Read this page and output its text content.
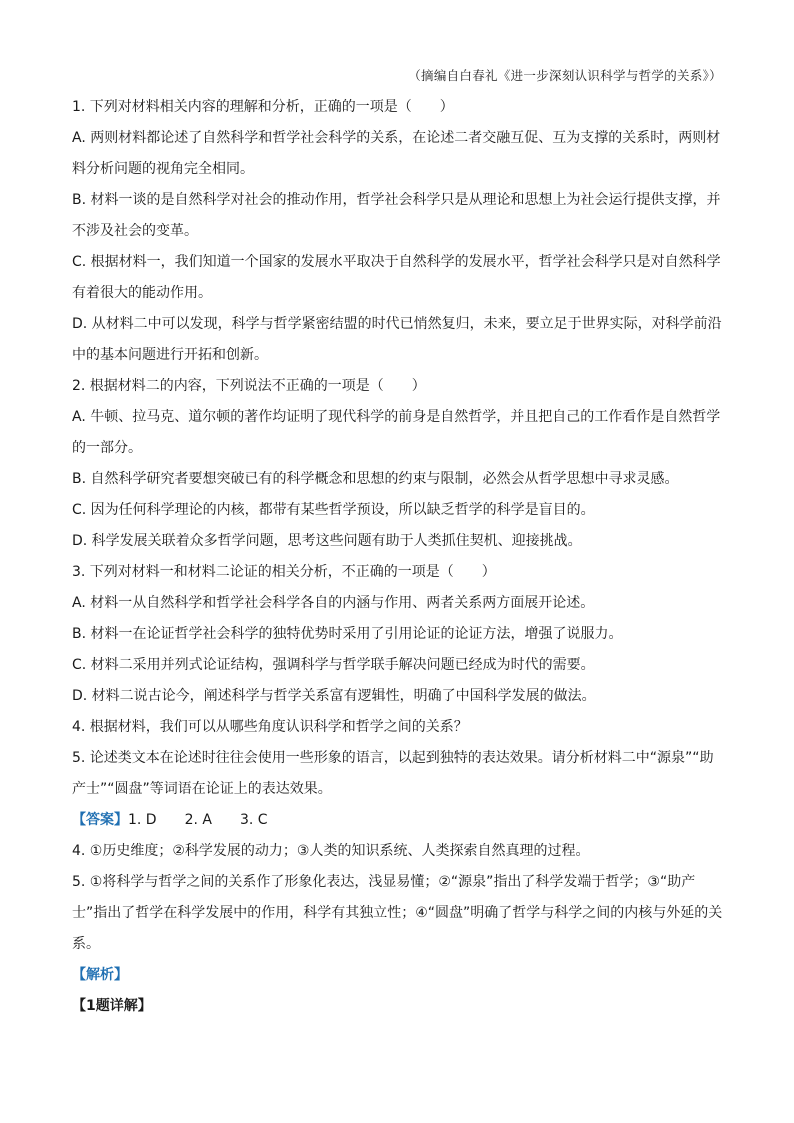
（摘编自白春礼《进一步深刻认识科学与哲学的关系》）

1. 下列对材料相关内容的理解和分析，正确的一项是（　　）

A. 两则材料都论述了自然科学和哲学社会科学的关系，在论述二者交融互促、互为支撑的关系时，两则材料分析问题的视角完全相同。

B. 材料一谈的是自然科学对社会的推动作用，哲学社会科学只是从理论和思想上为社会运行提供支撑，并不涉及社会的变革。

C. 根据材料一，我们知道一个国家的发展水平取决于自然科学的发展水平，哲学社会科学只是对自然科学有着很大的能动作用。

D. 从材料二中可以发现，科学与哲学紧密结盟的时代已悄然复归，未来，要立足于世界实际，对科学前沿中的基本问题进行开拓和创新。

2. 根据材料二的内容，下列说法不正确的一项是（　　）

A. 牛顿、拉马克、道尔顿的著作均证明了现代科学的前身是自然哲学，并且把自己的工作看作是自然哲学的一部分。

B. 自然科学研究者要想突破已有的科学概念和思想的约束与限制，必然会从哲学思想中寻求灵感。

C. 因为任何科学理论的内核，都带有某些哲学预设，所以缺乏哲学的科学是盲目的。

D. 科学发展关联着众多哲学问题，思考这些问题有助于人类抓住契机、迎接挑战。

3. 下列对材料一和材料二论证的相关分析，不正确的一项是（　　）

A. 材料一从自然科学和哲学社会科学各自的内涵与作用、两者关系两方面展开论述。

B. 材料一在论证哲学社会科学的独特优势时采用了引用论证的论证方法，增强了说服力。

C. 材料二采用并列式论证结构，强调科学与哲学联手解决问题已经成为时代的需要。

D. 材料二说古论今，阐述科学与哲学关系富有逻辑性，明确了中国科学发展的做法。

4. 根据材料，我们可以从哪些角度认识科学和哲学之间的关系？

5. 论述类文本在论述时往往会使用一些形象的语言，以起到独特的表达效果。请分析材料二中“源泉”“助产士”“圆盘”等词语在论证上的表达效果。

【答案】1. D　　2. A　　3. C

4. ①历史维度；②科学发展的动力；③人类的知识系统、人类探索自然真理的过程。

5. ①将科学与哲学之间的关系作了形象化表达，浅显易懂；②“源泉”指出了科学发端于哲学；③“助产士”指出了哲学在科学发展中的作用，科学有其独立性；④“圆盘”明确了哲学与科学之间的内核与外延的关系。

【解析】

【1题详解】
